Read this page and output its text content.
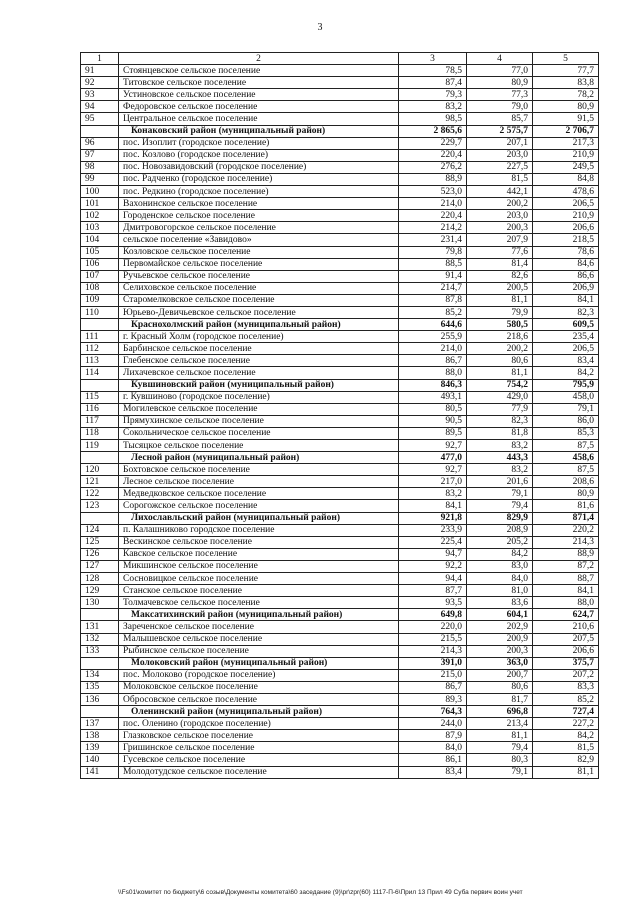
3
1	2	3	4	5
91	Стоянцевское сельское поселение	78,5	77,0	77,7
92	Титовское сельское поселение	87,4	80,9	83,8
93	Устиновское сельское поселение	79,3	77,3	78,2
94	Федоровское сельское поселение	83,2	79,0	80,9
95	Центральное сельское поселение	98,5	85,7	91,5
	Конаковский район (муниципальный район)	2 865,6	2 575,7	2 706,7
96	пос. Изоплит (городское поселение)	229,7	207,1	217,3
97	пос. Козлово (городское поселение)	220,4	203,0	210,9
98	пос. Новозавидовский (городское поселение)	276,2	227,5	249,5
99	пос. Радченко (городское поселение)	88,9	81,5	84,8
100	пос. Редкино (городское поселение)	523,0	442,1	478,6
101	Вахонинское сельское поселение	214,0	200,2	206,5
102	Городенское сельское поселение	220,4	203,0	210,9
103	Дмитровогорское сельское поселение	214,2	200,3	206,6
104	сельское поселение «Завидово»	231,4	207,9	218,5
105	Козловское сельское поселение	79,8	77,6	78,6
106	Первомайское сельское поселение	88,5	81,4	84,6
107	Ручьевское сельское поселение	91,4	82,6	86,6
108	Селиховское сельское поселение	214,7	200,5	206,9
109	Старомелковское сельское поселение	87,8	81,1	84,1
110	Юрьево-Девичьевское сельское поселение	85,2	79,9	82,3
	Краснохолмский район (муниципальный район)	644,6	580,5	609,5
111	г. Красный Холм (городское поселение)	255,9	218,6	235,4
112	Барбинское сельское поселение	214,0	200,2	206,5
113	Глебенское сельское поселение	86,7	80,6	83,4
114	Лихачевское сельское поселение	88,0	81,1	84,2
	Кувшиновский район (муниципальный район)	846,3	754,2	795,9
115	г. Кувшиново (городское поселение)	493,1	429,0	458,0
116	Могилевское сельское поселение	80,5	77,9	79,1
117	Прямухинское сельское поселение	90,5	82,3	86,0
118	Сокольническое сельское поселение	89,5	81,8	85,3
119	Тысяцкое сельское поселение	92,7	83,2	87,5
	Лесной район (муниципальный район)	477,0	443,3	458,6
120	Бохтовское сельское поселение	92,7	83,2	87,5
121	Лесное сельское поселение	217,0	201,6	208,6
122	Медведковское сельское поселение	83,2	79,1	80,9
123	Сорогожское сельское поселение	84,1	79,4	81,6
	Лихославльский район (муниципальный район)	921,8	829,9	871,4
124	п. Калашниково городское поселение	233,9	208,9	220,2
125	Вескинское сельское поселение	225,4	205,2	214,3
126	Кавское сельское поселение	94,7	84,2	88,9
127	Микшинское сельское поселение	92,2	83,0	87,2
128	Сосновицкое сельское поселение	94,4	84,0	88,7
129	Станское сельское поселение	87,7	81,0	84,1
130	Толмачевское сельское поселение	93,5	83,6	88,0
	Максатихинский район (муниципальный район)	649,8	604,1	624,7
131	Зареченское сельское поселение	220,0	202,9	210,6
132	Малышевское сельское поселение	215,5	200,9	207,5
133	Рыбинское сельское поселение	214,3	200,3	206,6
	Молоковский район (муниципальный район)	391,0	363,0	375,7
134	пос. Молоково (городское поселение)	215,0	200,7	207,2
135	Молоковское сельское поселение	86,7	80,6	83,3
136	Обросовское сельское поселение	89,3	81,7	85,2
	Оленинский район (муниципальный район)	764,3	696,8	727,4
137	пос. Оленино (городское поселение)	244,0	213,4	227,2
138	Глазковское сельское поселение	87,9	81,1	84,2
139	Гришинское сельское поселение	84,0	79,4	81,5
140	Гусевское сельское поселение	86,1	80,3	82,9
141	Молодотудское сельское поселение	83,4	79,1	81,1
\\Fs01\комитет по бюджету\6 созыв\Документы комитета\60 заседание (9)\pr\zpr(60) 1117-П-6\Прил 13 Прил 49 Суба первич воин учет
